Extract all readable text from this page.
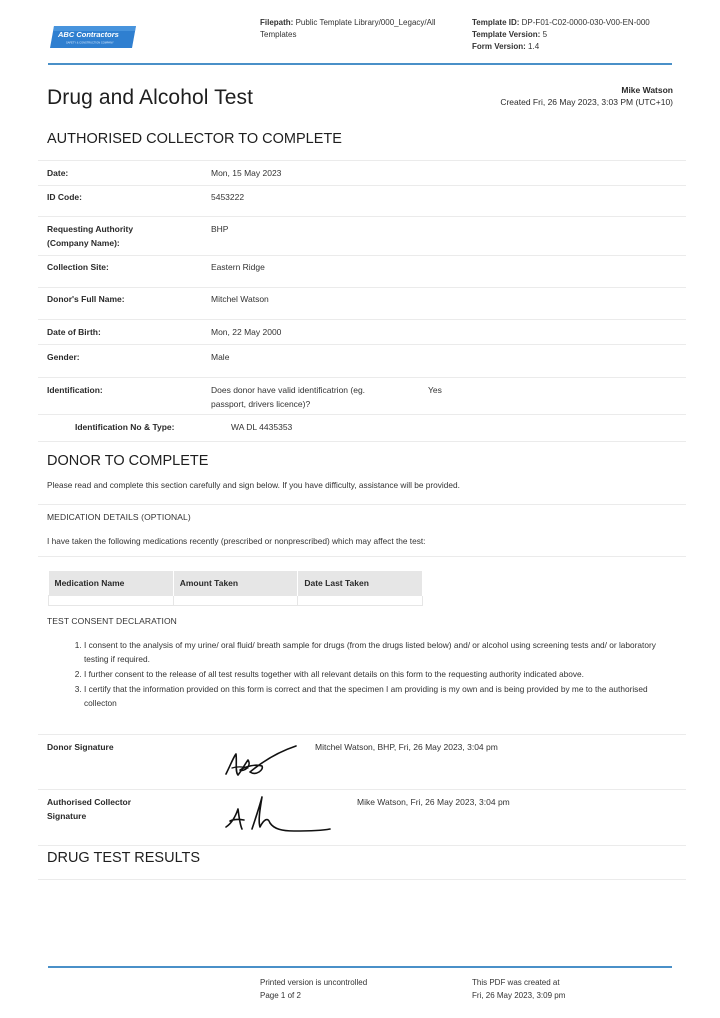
ABC Contractors
SAFETY & CONSTRUCTION COMPANY
Filepath: Public Template Library/000_Legacy/All
Templates
Template ID: DP-F01-C02-0000-030-V00-EN-000
Template Version: 5
Form Version: 1.4
Drug and Alcohol Test	Mike Watson
Created Fri, 26 May 2023, 3:03 PM (UTC+10)
AUTHORISED COLLECTOR TO COMPLETE
Date:	Mon, 15 May 2023
ID Code:	5453222
Requesting Authority
(Company Name):
BHP
Collection Site:	Eastern Ridge
Donor's Full Name:	Mitchel Watson
Date of Birth:	Mon, 22 May 2000
Gender:	Male
Identification:	Does donor have valid identificatrion (eg.
passport, drivers licence)?
Yes
Identification No & Type:	WA DL 4435353
DONOR TO COMPLETE
Please read and complete this section carefully and sign below. If you have difficulty, assistance will be provided.
MEDICATION DETAILS (OPTIONAL)
I have taken the following medications recently (prescribed or nonprescribed) which may affect the test:
Medication Name	Amount Taken	Date Last Taken

TEST CONSENT DECLARATION
1. I consent to the analysis of my urine/ oral fluid/ breath sample for drugs (from the drugs listed below) and/ or alcohol using screening tests and/ or laboratory testing if required.
2. I further consent to the release of all test results together with all relevant details on this form to the requesting authority indicated above.
3. I certify that the information provided on this form is correct and that the specimen I am providing is my own and is being provided by me to the authorised collecton
Donor Signature	Mitchel Watson, BHP, Fri, 26 May 2023, 3:04 pm
Authorised Collector
Signature
Mike Watson, Fri, 26 May 2023, 3:04 pm
DRUG TEST RESULTS
Printed version is uncontrolled
Page 1 of 2
This PDF was created at
Fri, 26 May 2023, 3:09 pm
